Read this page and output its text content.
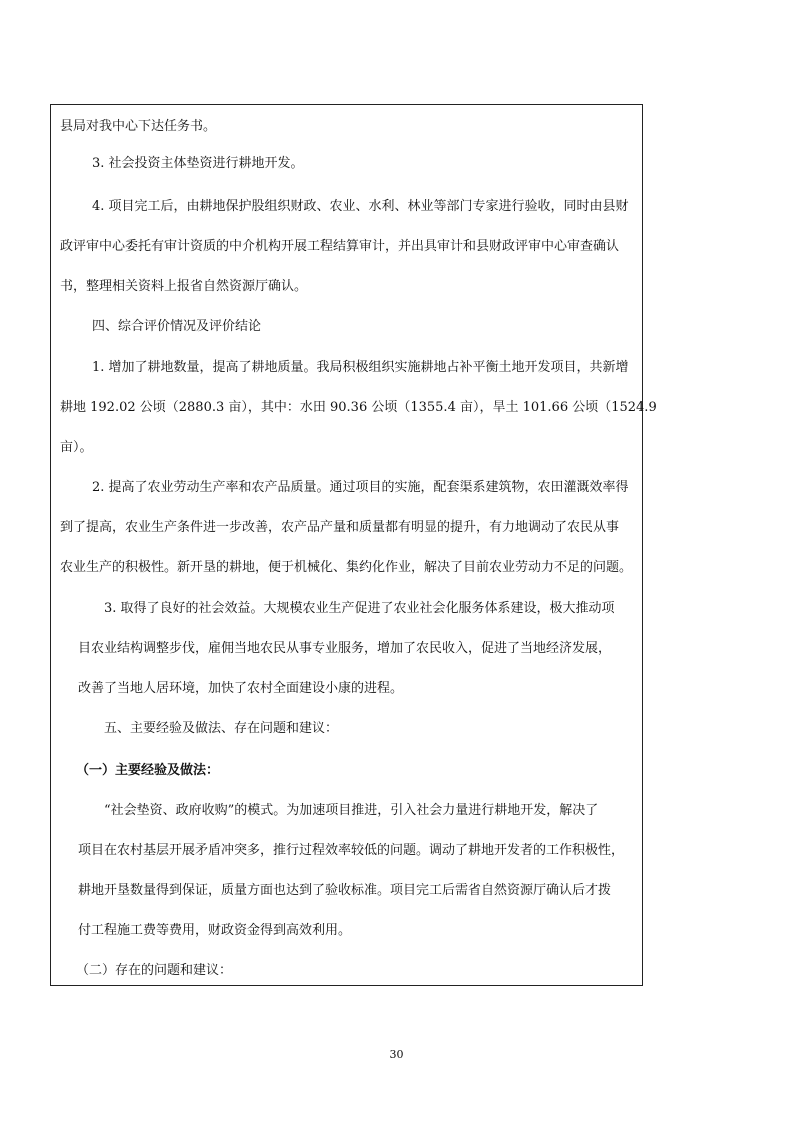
县局对我中心下达任务书。

3. 社会投资主体垫资进行耕地开发。

4. 项目完工后，由耕地保护股组织财政、农业、水利、林业等部门专家进行验收，同时由县财

政评审中心委托有审计资质的中介机构开展工程结算审计，并出具审计和县财政评审中心审查确认

书，整理相关资料上报省自然资源厅确认。

四、综合评价情况及评价结论

1. 增加了耕地数量，提高了耕地质量。我局积极组织实施耕地占补平衡土地开发项目，共新增

耕地 192.02 公顷（2880.3 亩），其中：水田 90.36 公顷（1355.4 亩），旱土 101.66 公顷（1524.9

亩）。

2. 提高了农业劳动生产率和农产品质量。通过项目的实施，配套渠系建筑物，农田灌溉效率得

到了提高，农业生产条件进一步改善，农产品产量和质量都有明显的提升，有力地调动了农民从事

农业生产的积极性。新开垦的耕地，便于机械化、集约化作业，解决了目前农业劳动力不足的问题。

3. 取得了良好的社会效益。大规模农业生产促进了农业社会化服务体系建设，极大推动项

目农业结构调整步伐，雇佣当地农民从事专业服务，增加了农民收入，促进了当地经济发展，

改善了当地人居环境，加快了农村全面建设小康的进程。

五、主要经验及做法、存在问题和建议：

（一）主要经验及做法：

“社会垫资、政府收购”的模式。为加速项目推进，引入社会力量进行耕地开发，解决了

项目在农村基层开展矛盾冲突多，推行过程效率较低的问题。调动了耕地开发者的工作积极性，

耕地开垦数量得到保证，质量方面也达到了验收标准。项目完工后需省自然资源厅确认后才拨

付工程施工费等费用，财政资金得到高效利用。

（二）存在的问题和建议：

30
